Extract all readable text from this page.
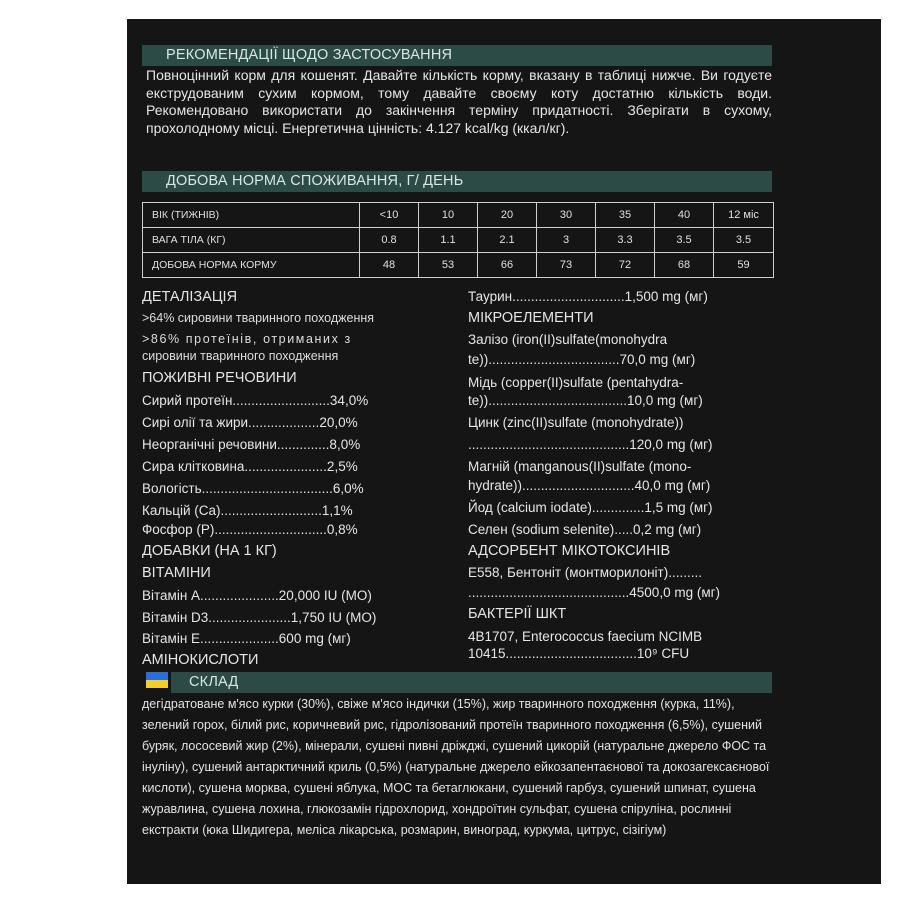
РЕКОМЕНДАЦІЇ ЩОДО ЗАСТОСУВАННЯ
Повноцінний корм для кошенят. Давайте кількість корму, вказану в таблиці нижче. Ви годуєте екструдованим сухим кормом, тому давайте своєму коту достатню кількість води. Рекомендовано використати до закінчення терміну придатності. Зберігати в сухому, прохолодному місці. Енергетична цінність: 4.127 kcal/kg (ккал/кг).
ДОБОВА НОРМА СПОЖИВАННЯ, Г/ ДЕНЬ
ВІК (ТИЖНІВ)	<10	10	20	30	35	40	12 міс
ВАГА ТІЛА (КГ)	0.8	1.1	2.1	3	3.3	3.5	3.5
ДОБОВА НОРМА КОРМУ	48	53	66	73	72	68	59
ДЕТАЛІЗАЦІЯ
>64% сировини тваринного походження
>86% протеїнів, отриманих з
сировини тваринного походження
ПОЖИВНІ РЕЧОВИНИ
Сирий протеїн..........................34,0%
Сирі олії та жири...................20,0%
Неорганічні речовини..............8,0%
Сира клітковина......................2,5%
Вологість...................................6,0%
Кальцій (Ca)...........................1,1%
Фосфор (P)..............................0,8%
ДОБАВКИ (НА 1 КГ)
ВІТАМІНИ
Вітамін А.....................20,000 IU (MO)
Вітамін D3......................1,750 IU (MO)
Вітамін Е.....................600 mg (мг)
АМІНОКИСЛОТИ
Таурин..............................1,500 mg (мг)
МІКРОЕЛЕМЕНТИ
Залізо (iron(II)sulfate(monohydra
te))...................................70,0 mg (мг)
Мідь (copper(II)sulfate (pentahydra-
te)).....................................10,0 mg (мг)
Цинк (zinc(II)sulfate (monohydrate))
...........................................120,0 mg (мг)
Магній (manganous(II)sulfate (mono-
hydrate))..............................40,0 mg (мг)
Йод (calcium iodate)..............1,5 mg (мг)
Селен (sodium selenite).....0,2 mg (мг)
АДСОРБЕНТ МІКОТОКСИНІВ
E558, Бентоніт (монтморилоніт).........
...........................................4500,0 mg (мг)
БАКТЕРІЇ ШКТ
4B1707, Enterococcus faecium NCIMB
10415...................................10⁹ CFU
СКЛАД
дегідратоване м'ясо курки (30%), свіже м'ясо індички (15%), жир тваринного походження (курка, 11%), зелений горох, білий рис, коричневий рис, гідролізований протеїн тваринного походження (6,5%), сушений буряк, лососевий жир (2%), мінерали, сушені пивні дріжджі, сушений цикорій (натуральне джерело ФОС та інуліну), сушений антарктичний криль (0,5%) (натуральне джерело ейкозапентаєнової та докозагексаєнової кислоти), сушена морква, сушені яблука, МОС та бетаглюкани, сушений гарбуз, сушений шпинат, сушена журавлина, сушена лохина, глюкозамін гідрохлорид, хондроїтин сульфат, сушена спіруліна, рослинні екстракти (юка Шидигера, меліса лікарська, розмарин, виноград, куркума, цитрус, сізігіум)
